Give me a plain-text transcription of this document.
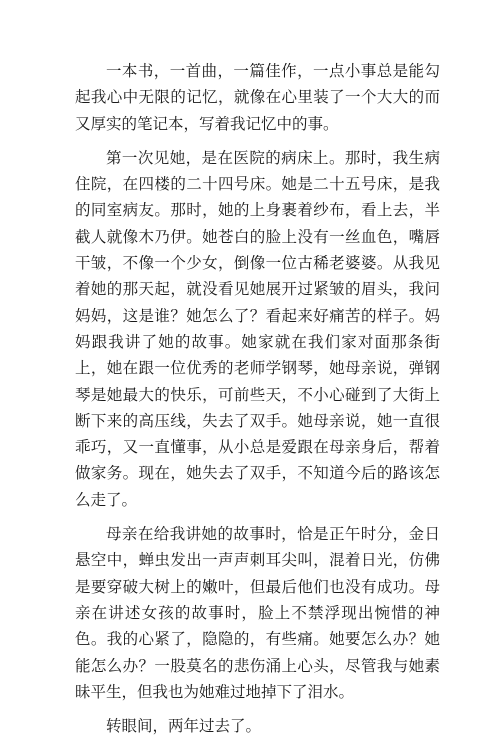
一本书，一首曲，一篇佳作，一点小事总是能勾起我心中无限的记忆，就像在心里装了一个大大的而又厚实的笔记本，写着我记忆中的事。

第一次见她，是在医院的病床上。那时，我生病住院，在四楼的二十四号床。她是二十五号床，是我的同室病友。那时，她的上身裹着纱布，看上去，半截人就像木乃伊。她苍白的脸上没有一丝血色，嘴唇干皱，不像一个少女，倒像一位古稀老婆婆。从我见着她的那天起，就没看见她展开过紧皱的眉头，我问妈妈，这是谁？她怎么了？看起来好痛苦的样子。妈妈跟我讲了她的故事。她家就在我们家对面那条街上，她在跟一位优秀的老师学钢琴，她母亲说，弹钢琴是她最大的快乐，可前些天，不小心碰到了大街上断下来的高压线，失去了双手。她母亲说，她一直很乖巧，又一直懂事，从小总是爱跟在母亲身后，帮着做家务。现在，她失去了双手，不知道今后的路该怎么走了。

母亲在给我讲她的故事时，恰是正午时分，金日悬空中，蝉虫发出一声声刺耳尖叫，混着日光，仿佛是要穿破大树上的嫩叶，但最后他们也没有成功。母亲在讲述女孩的故事时，脸上不禁浮现出惋惜的神色。我的心紧了，隐隐的，有些痛。她要怎么办？她能怎么办？一股莫名的悲伤涌上心头，尽管我与她素昧平生，但我也为她难过地掉下了泪水。

转眼间，两年过去了。
